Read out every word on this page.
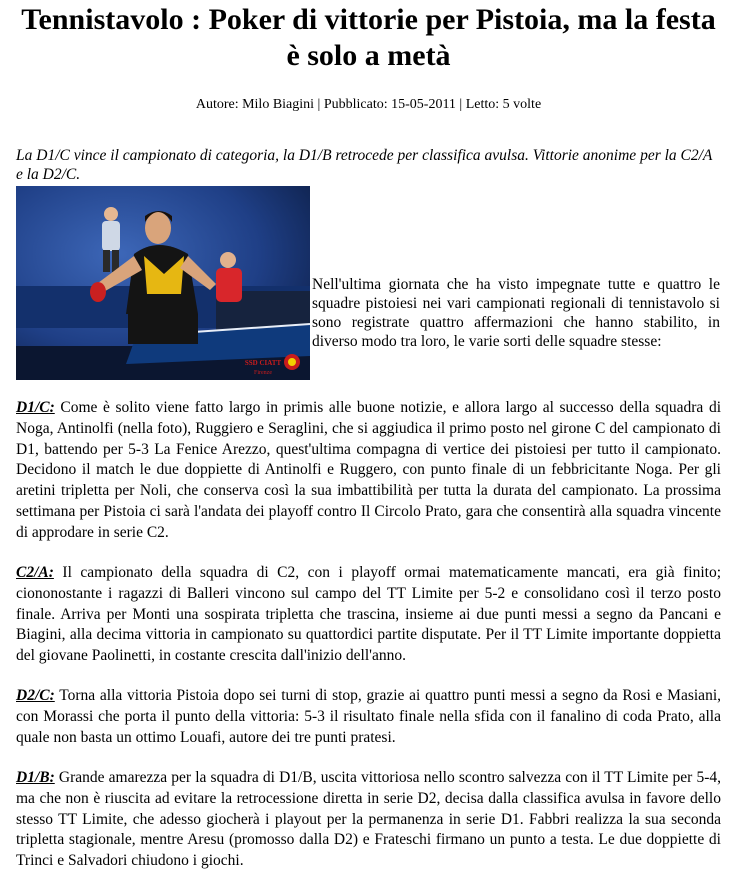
Tennistavolo : Poker di vittorie per Pistoia, ma la festa è solo a metà
Autore: Milo Biagini | Pubblicato: 15-05-2011 | Letto: 5 volte

La D1/C vince il campionato di categoria, la D1/B retrocede per classifica avulsa. Vittorie anonime per la C2/A e la D2/C.

SSD CIATT
Firenze

Nell'ultima giornata che ha visto impegnate tutte e quattro le squadre pistoiesi nei vari campionati regionali di tennistavolo si sono registrate quattro affermazioni che hanno stabilito, in diverso modo tra loro, le varie sorti delle squadre stesse:

D1/C: Come è solito viene fatto largo in primis alle buone notizie, e allora largo al successo della squadra di Noga, Antinolfi (nella foto), Ruggiero e Seraglini, che si aggiudica il primo posto nel girone C del campionato di D1, battendo per 5-3 La Fenice Arezzo, quest'ultima compagna di vertice dei pistoiesi per tutto il campionato. Decidono il match le due doppiette di Antinolfi e Ruggero, con punto finale di un febbricitante Noga. Per gli aretini tripletta per Noli, che conserva così la sua imbattibilità per tutta la durata del campionato. La prossima settimana per Pistoia ci sarà l'andata dei playoff contro Il Circolo Prato, gara che consentirà alla squadra vincente di approdare in serie C2.

C2/A: Il campionato della squadra di C2, con i playoff ormai matematicamente mancati, era già finito; ciononostante i ragazzi di Balleri vincono sul campo del TT Limite per 5-2 e consolidano così il terzo posto finale. Arriva per Monti una sospirata tripletta che trascina, insieme ai due punti messi a segno da Pancani e Biagini, alla decima vittoria in campionato su quattordici partite disputate. Per il TT Limite importante doppietta del giovane Paolinetti, in costante crescita dall'inizio dell'anno.

D2/C: Torna alla vittoria Pistoia dopo sei turni di stop, grazie ai quattro punti messi a segno da Rosi e Masiani, con Morassi che porta il punto della vittoria: 5-3 il risultato finale nella sfida con il fanalino di coda Prato, alla quale non basta un ottimo Louafi, autore dei tre punti pratesi.

D1/B: Grande amarezza per la squadra di D1/B, uscita vittoriosa nello scontro salvezza con il TT Limite per 5-4, ma che non è riuscita ad evitare la retrocessione diretta in serie D2, decisa dalla classifica avulsa in favore dello stesso TT Limite, che adesso giocherà i playout per la permanenza in serie D1. Fabbri realizza la sua seconda tripletta stagionale, mentre Aresu (promosso dalla D2) e Frateschi firmano un punto a testa. Le due doppiette di Trinci e Salvadori chiudono i giochi.
